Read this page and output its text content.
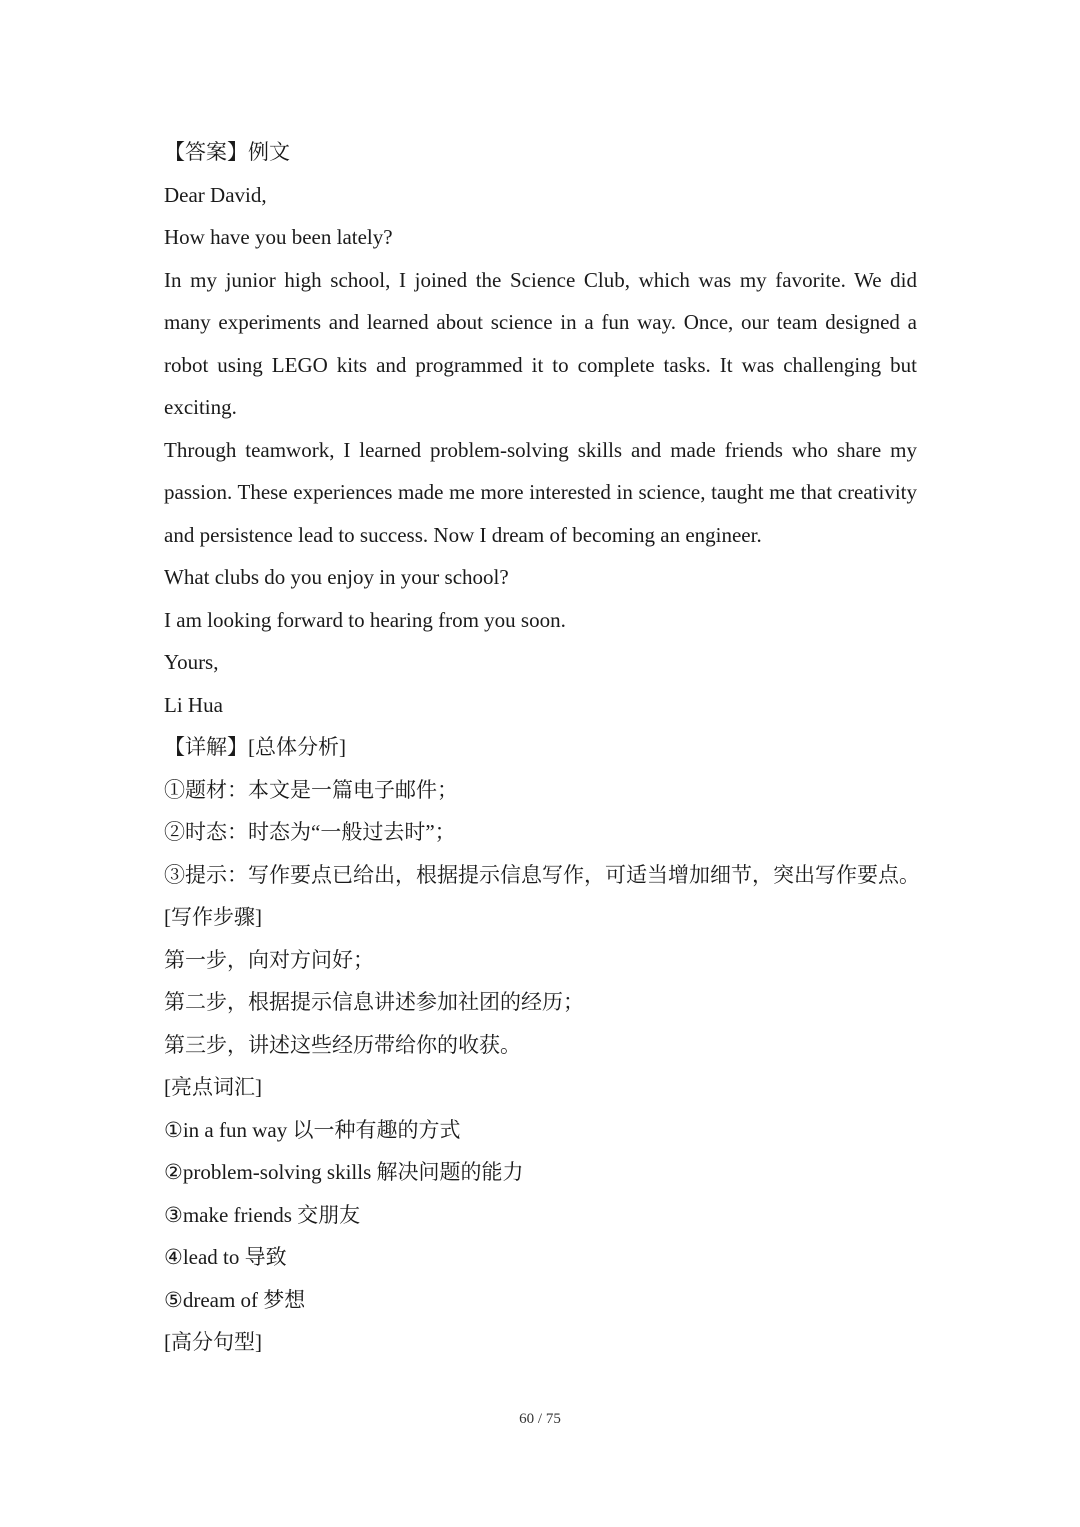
【答案】例文

Dear David,

How have you been lately?

In my junior high school, I joined the Science Club, which was my favorite. We did many experiments and learned about science in a fun way. Once, our team designed a robot using LEGO kits and programmed it to complete tasks. It was challenging but exciting.

Through teamwork, I learned problem-solving skills and made friends who share my passion. These experiences made me more interested in science, taught me that creativity and persistence lead to success. Now I dream of becoming an engineer.

What clubs do you enjoy in your school?

I am looking forward to hearing from you soon.

Yours,

Li Hua

【详解】[总体分析]

①题材：本文是一篇电子邮件；

②时态：时态为“一般过去时”；

③提示：写作要点已给出，根据提示信息写作，可适当增加细节，突出写作要点。

[写作步骤]

第一步，向对方问好；

第二步，根据提示信息讲述参加社团的经历；

第三步，讲述这些经历带给你的收获。

[亮点词汇]

①in a fun way 以一种有趣的方式

②problem-solving skills 解决问题的能力

③make friends 交朋友

④lead to 导致

⑤dream of 梦想

[高分句型]

60 / 75
